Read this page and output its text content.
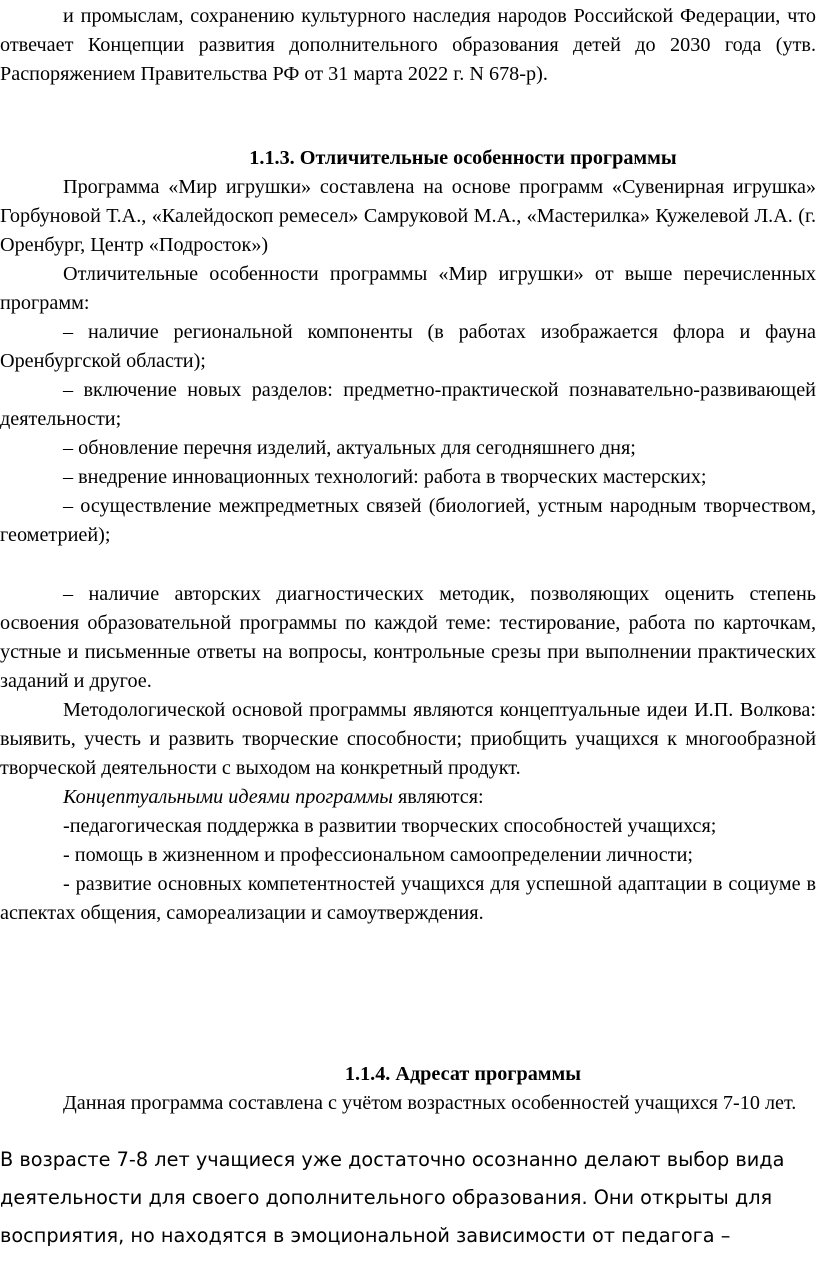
и промыслам, сохранению культурного наследия народов Российской Федерации, что отвечает Концепции развития дополнительного образования детей до 2030 года (утв. Распоряжением Правительства РФ от 31 марта 2022 г. N 678-р).

1.1.3. Отличительные особенности программы

Программа «Мир игрушки» составлена на основе программ «Сувенирная игрушка» Горбуновой Т.А., «Калейдоскоп ремесел» Самруковой М.А., «Мастерилка» Кужелевой Л.А. (г. Оренбург, Центр «Подросток»)

Отличительные особенности программы «Мир игрушки» от выше перечисленных программ:

– наличие региональной компоненты (в работах изображается флора и фауна Оренбургской области);

– включение новых разделов: предметно-практической познавательно-развивающей деятельности;

– обновление перечня изделий, актуальных для сегодняшнего дня;

– внедрение инновационных технологий: работа в творческих мастерских;

– осуществление межпредметных связей (биологией, устным народным творчеством, геометрией);

– наличие авторских диагностических методик, позволяющих оценить степень освоения образовательной программы по каждой теме: тестирование, работа по карточкам, устные и письменные ответы на вопросы, контрольные срезы при выполнении практических заданий и другое.

Методологической основой программы являются концептуальные идеи И.П. Волкова: выявить, учесть и развить творческие способности; приобщить учащихся к многообразной творческой деятельности с выходом на конкретный продукт.

Концептуальными идеями программы являются:

-педагогическая поддержка в развитии творческих способностей учащихся;

- помощь в жизненном и профессиональном самоопределении личности;

- развитие основных компетентностей учащихся для успешной адаптации в социуме в аспектах общения, самореализации и самоутверждения.

1.1.4. Адресат программы

Данная программа составлена с учётом возрастных особенностей учащихся 7-10 лет.

В возрасте 7-8 лет учащиеся уже достаточно осознанно делают выбор вида деятельности для своего дополнительного образования. Они открыты для восприятия, но находятся в эмоциональной зависимости от педагога –
